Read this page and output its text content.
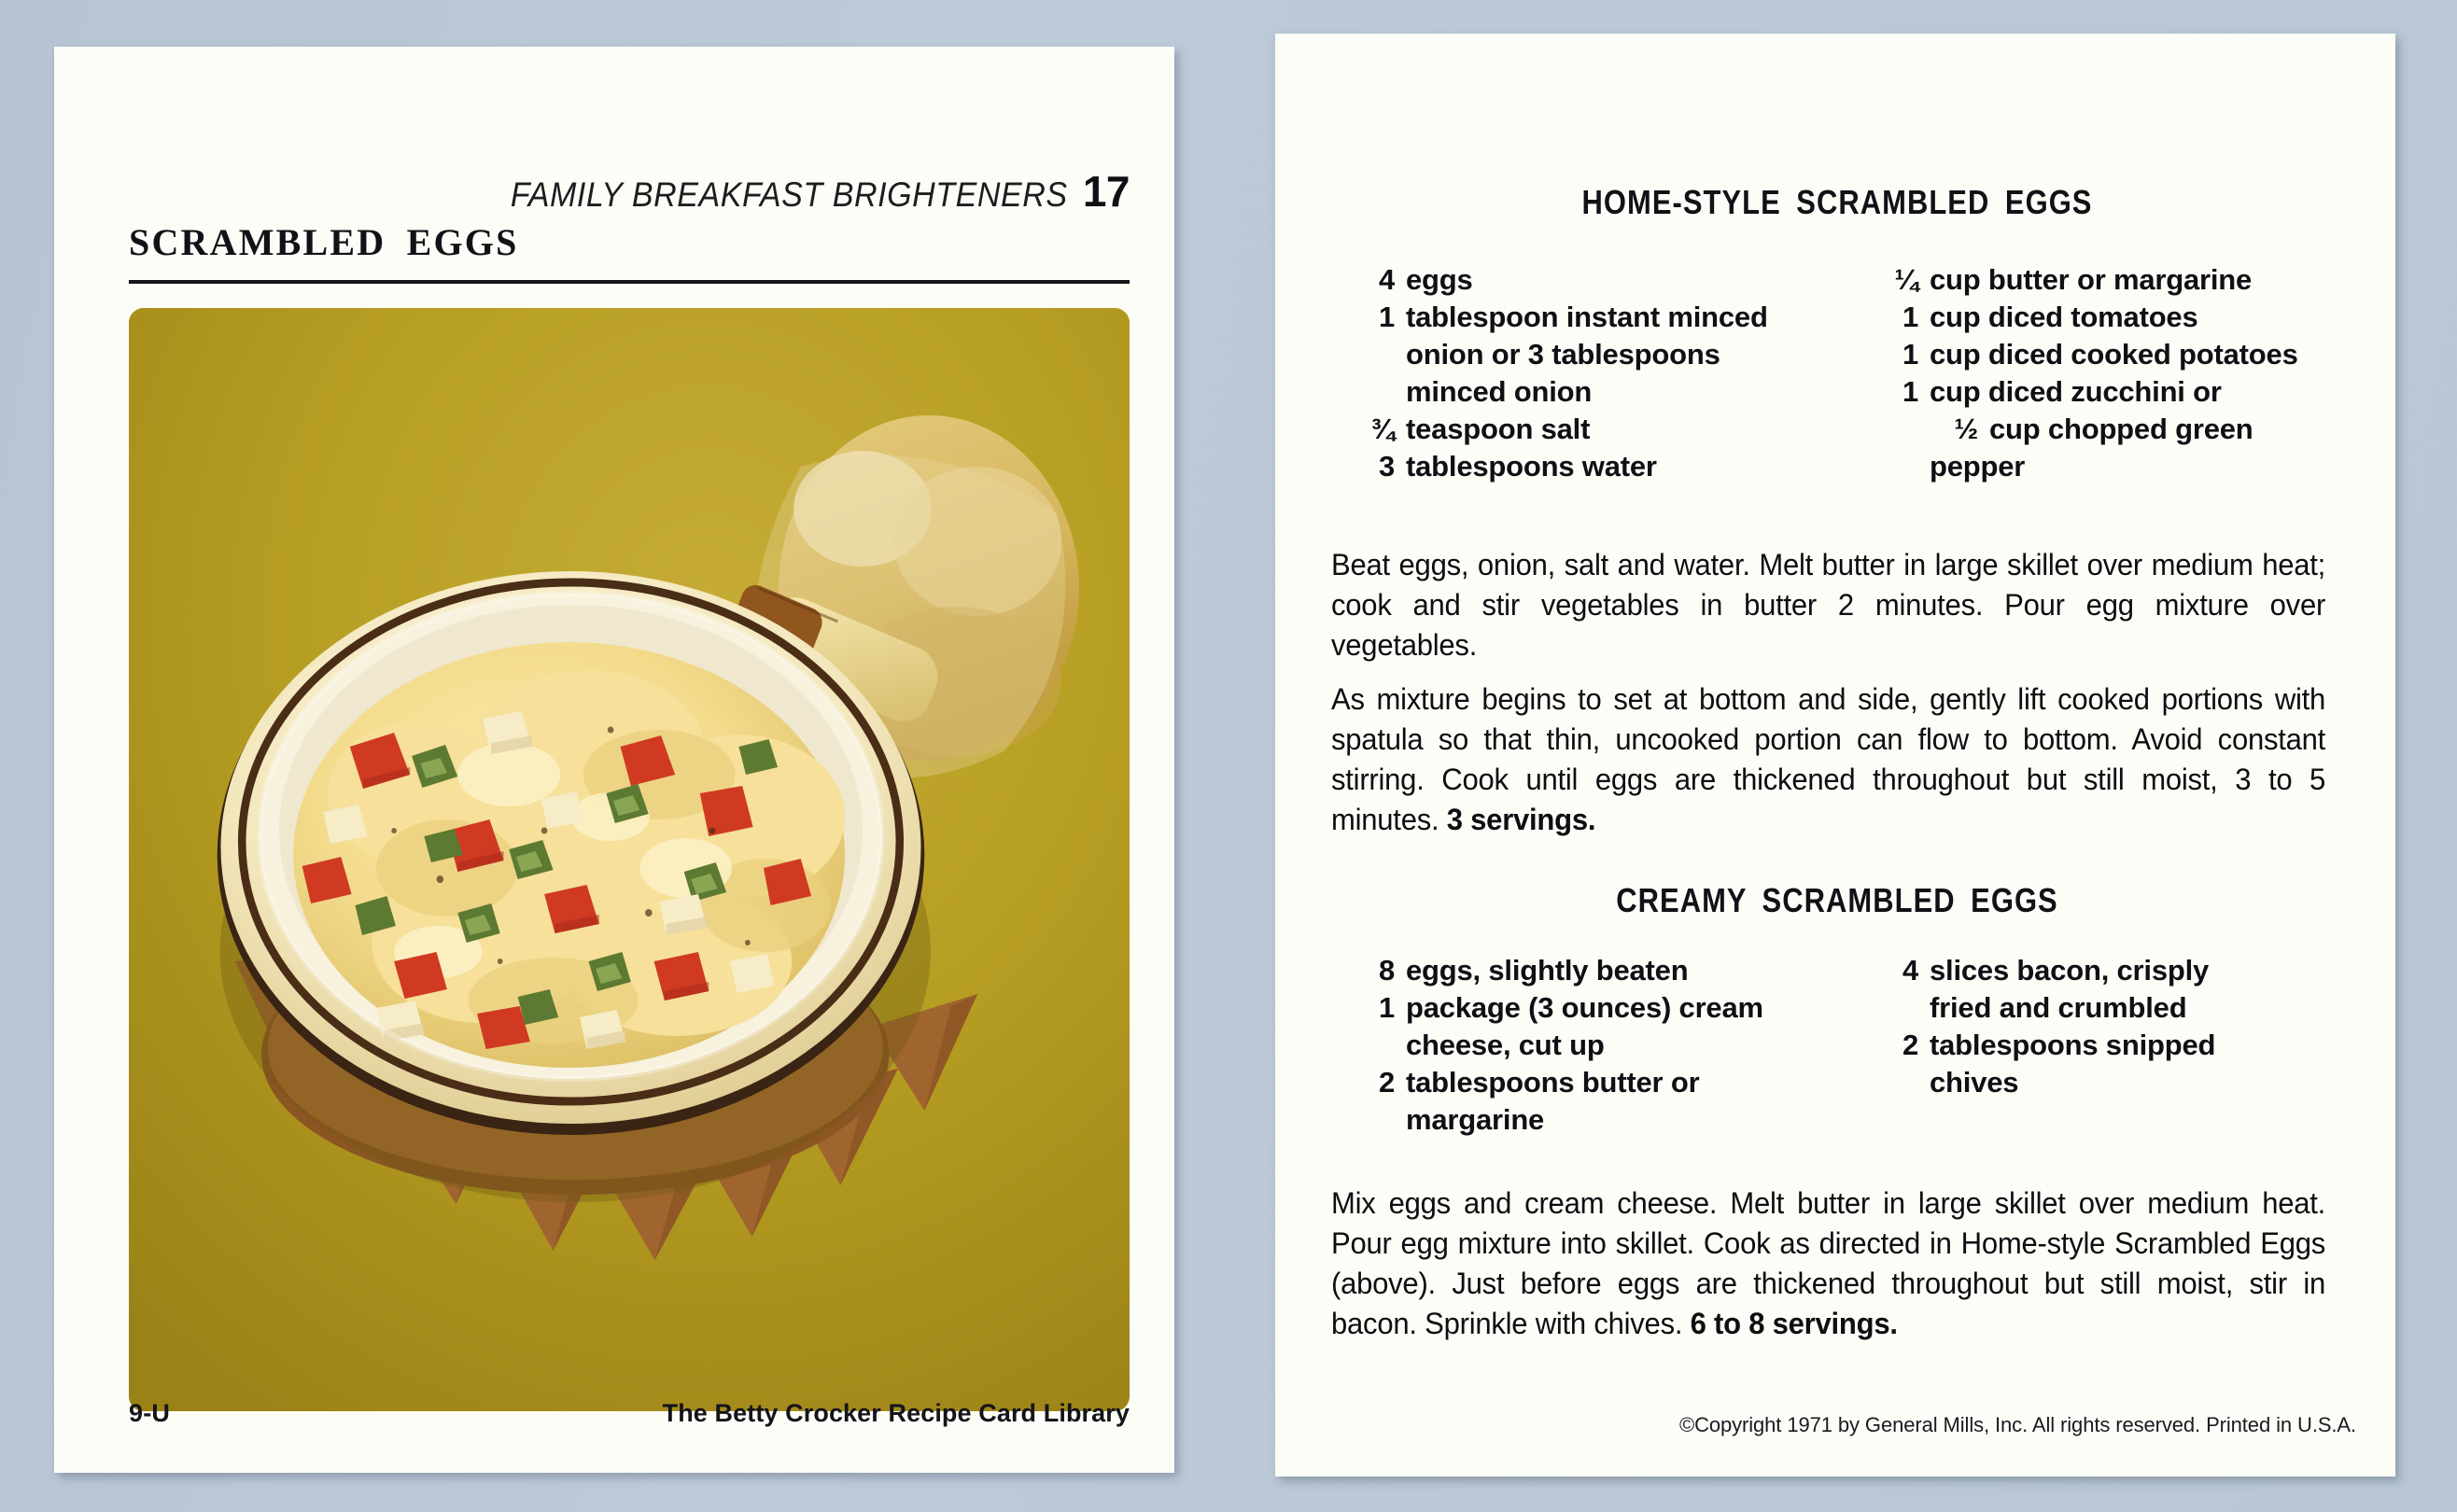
FAMILY BREAKFAST BRIGHTENERS 17
SCRAMBLED EGGS
9-U	The Betty Crocker Recipe Card Library
HOME-STYLE SCRAMBLED EGGS
4 eggs
1 tablespoon instant minced
onion or 3 tablespoons
minced onion
¾ teaspoon salt
3 tablespoons water
¼ cup butter or margarine
1 cup diced tomatoes
1 cup diced cooked potatoes
1 cup diced zucchini or
½ cup chopped green
pepper
Beat eggs, onion, salt and water. Melt butter in large skillet over medium heat; cook and stir vegetables in butter 2 minutes. Pour egg mixture over vegetables.
As mixture begins to set at bottom and side, gently lift cooked portions with spatula so that thin, uncooked portion can flow to bottom. Avoid constant stirring. Cook until eggs are thickened throughout but still moist, 3 to 5 minutes. 3 servings.
CREAMY SCRAMBLED EGGS
8 eggs, slightly beaten
1 package (3 ounces) cream
cheese, cut up
2 tablespoons butter or
margarine
4 slices bacon, crisply
fried and crumbled
2 tablespoons snipped
chives
Mix eggs and cream cheese. Melt butter in large skillet over medium heat. Pour egg mixture into skillet. Cook as directed in Home-style Scrambled Eggs (above). Just before eggs are thickened throughout but still moist, stir in bacon. Sprinkle with chives. 6 to 8 servings.
©Copyright 1971 by General Mills, Inc. All rights reserved. Printed in U.S.A.
